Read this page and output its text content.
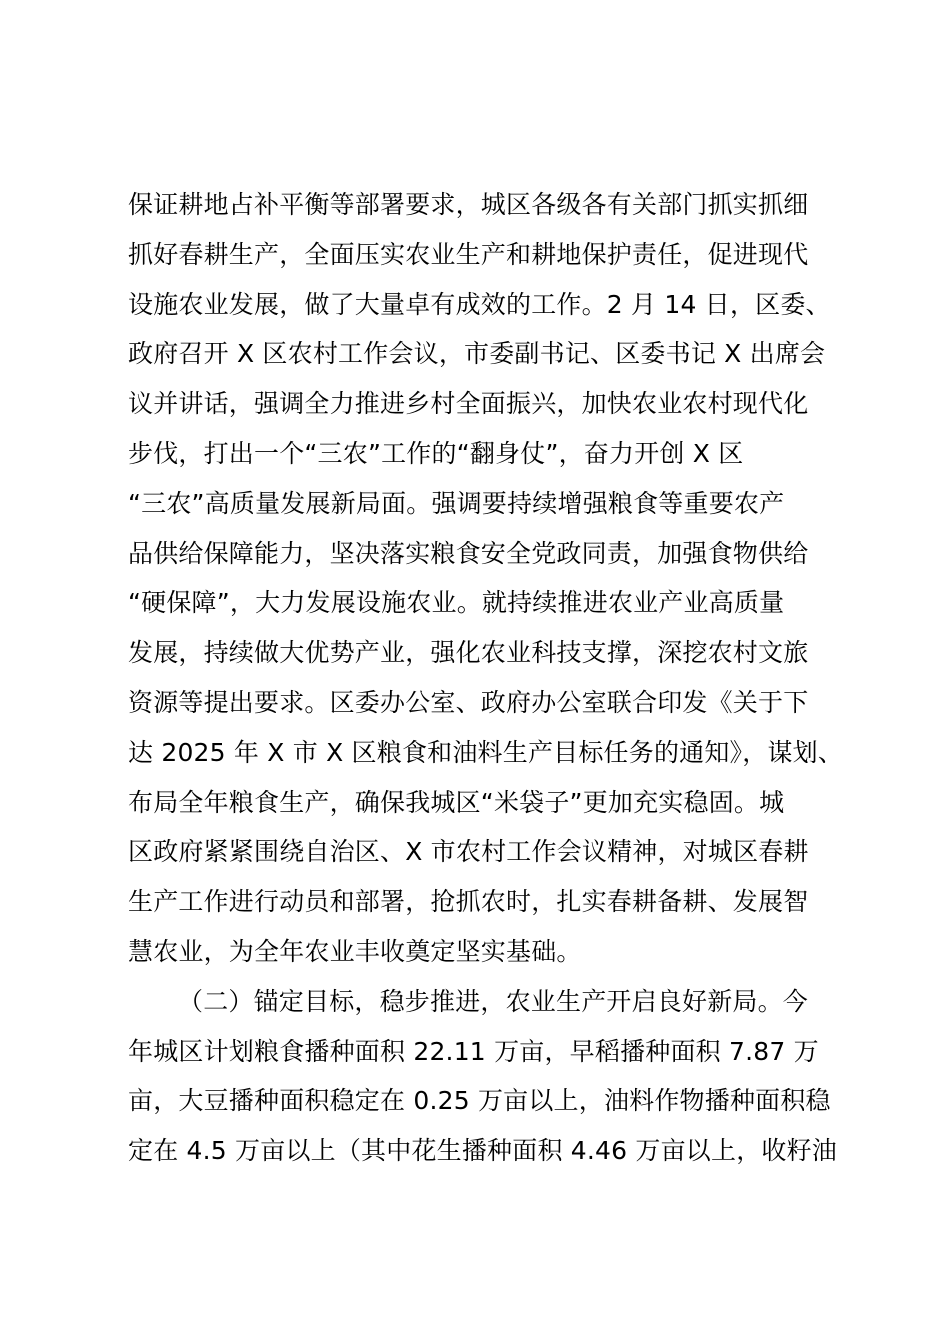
保证耕地占补平衡等部署要求，城区各级各有关部门抓实抓细
抓好春耕生产，全面压实农业生产和耕地保护责任，促进现代
设施农业发展，做了大量卓有成效的工作。2 月 14 日，区委、
政府召开 X 区农村工作会议，市委副书记、区委书记 X 出席会
议并讲话，强调全力推进乡村全面振兴，加快农业农村现代化
步伐，打出一个“三农”工作的“翻身仗”，奋力开创 X 区
“三农”高质量发展新局面。强调要持续增强粮食等重要农产
品供给保障能力，坚决落实粮食安全党政同责，加强食物供给
“硬保障”，大力发展设施农业。就持续推进农业产业高质量
发展，持续做大优势产业，强化农业科技支撑，深挖农村文旅
资源等提出要求。区委办公室、政府办公室联合印发《关于下
达 2025 年 X 市 X 区粮食和油料生产目标任务的通知》，谋划、
布局全年粮食生产，确保我城区“米袋子”更加充实稳固。城
区政府紧紧围绕自治区、X 市农村工作会议精神，对城区春耕
生产工作进行动员和部署，抢抓农时，扎实春耕备耕、发展智
慧农业，为全年农业丰收奠定坚实基础。
（二）锚定目标，稳步推进，农业生产开启良好新局。今
年城区计划粮食播种面积 22.11 万亩，早稻播种面积 7.87 万
亩，大豆播种面积稳定在 0.25 万亩以上，油料作物播种面积稳
定在 4.5 万亩以上（其中花生播种面积 4.46 万亩以上，收籽油
